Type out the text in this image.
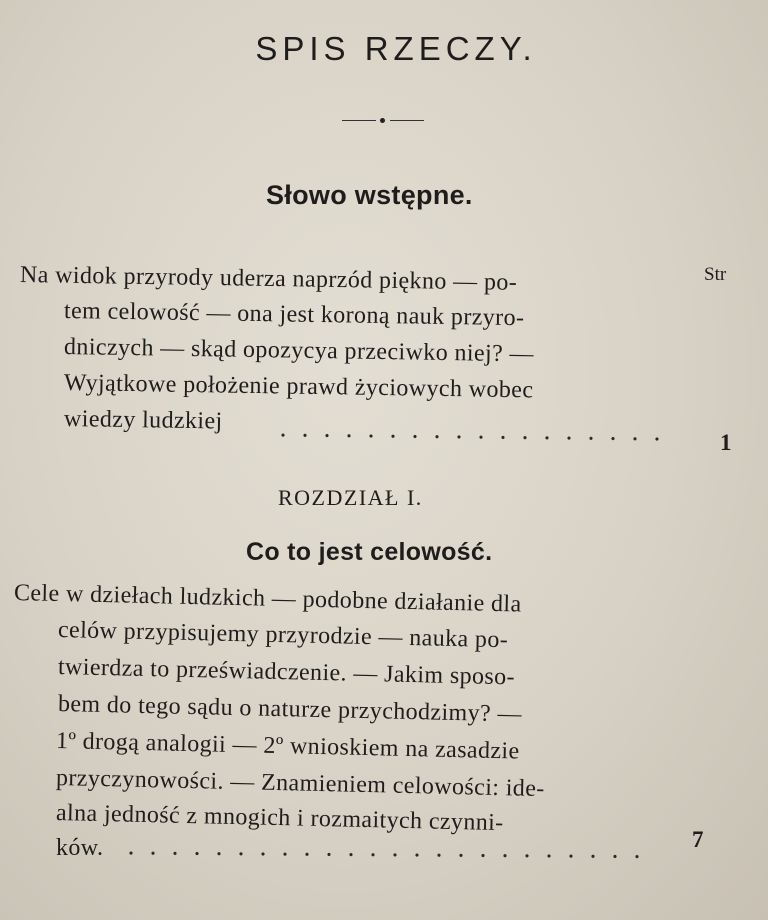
SPIS RZECZY.
Słowo wstępne.
Str
Na widok przyrody uderza naprzód piękno — po-
tem celowość — ona jest koroną nauk przyro-
dniczych — skąd opozycya przeciwko niej? —
Wyjątkowe położenie prawd życiowych wobec
wiedzy ludzkiej
1
ROZDZIAŁ I.
Co to jest celowość.
Cele w dziełach ludzkich — podobne działanie dla
celów przypisujemy przyrodzie — nauka po-
twierdza to przeświadczenie. — Jakim sposo-
bem do tego sądu o naturze przychodzimy? —
1º drogą analogii — 2º wnioskiem na zasadzie
przyczynowości. — Znamieniem celowości: ide-
alna jedność z mnogich i rozmaitych czynni-
ków.	7
